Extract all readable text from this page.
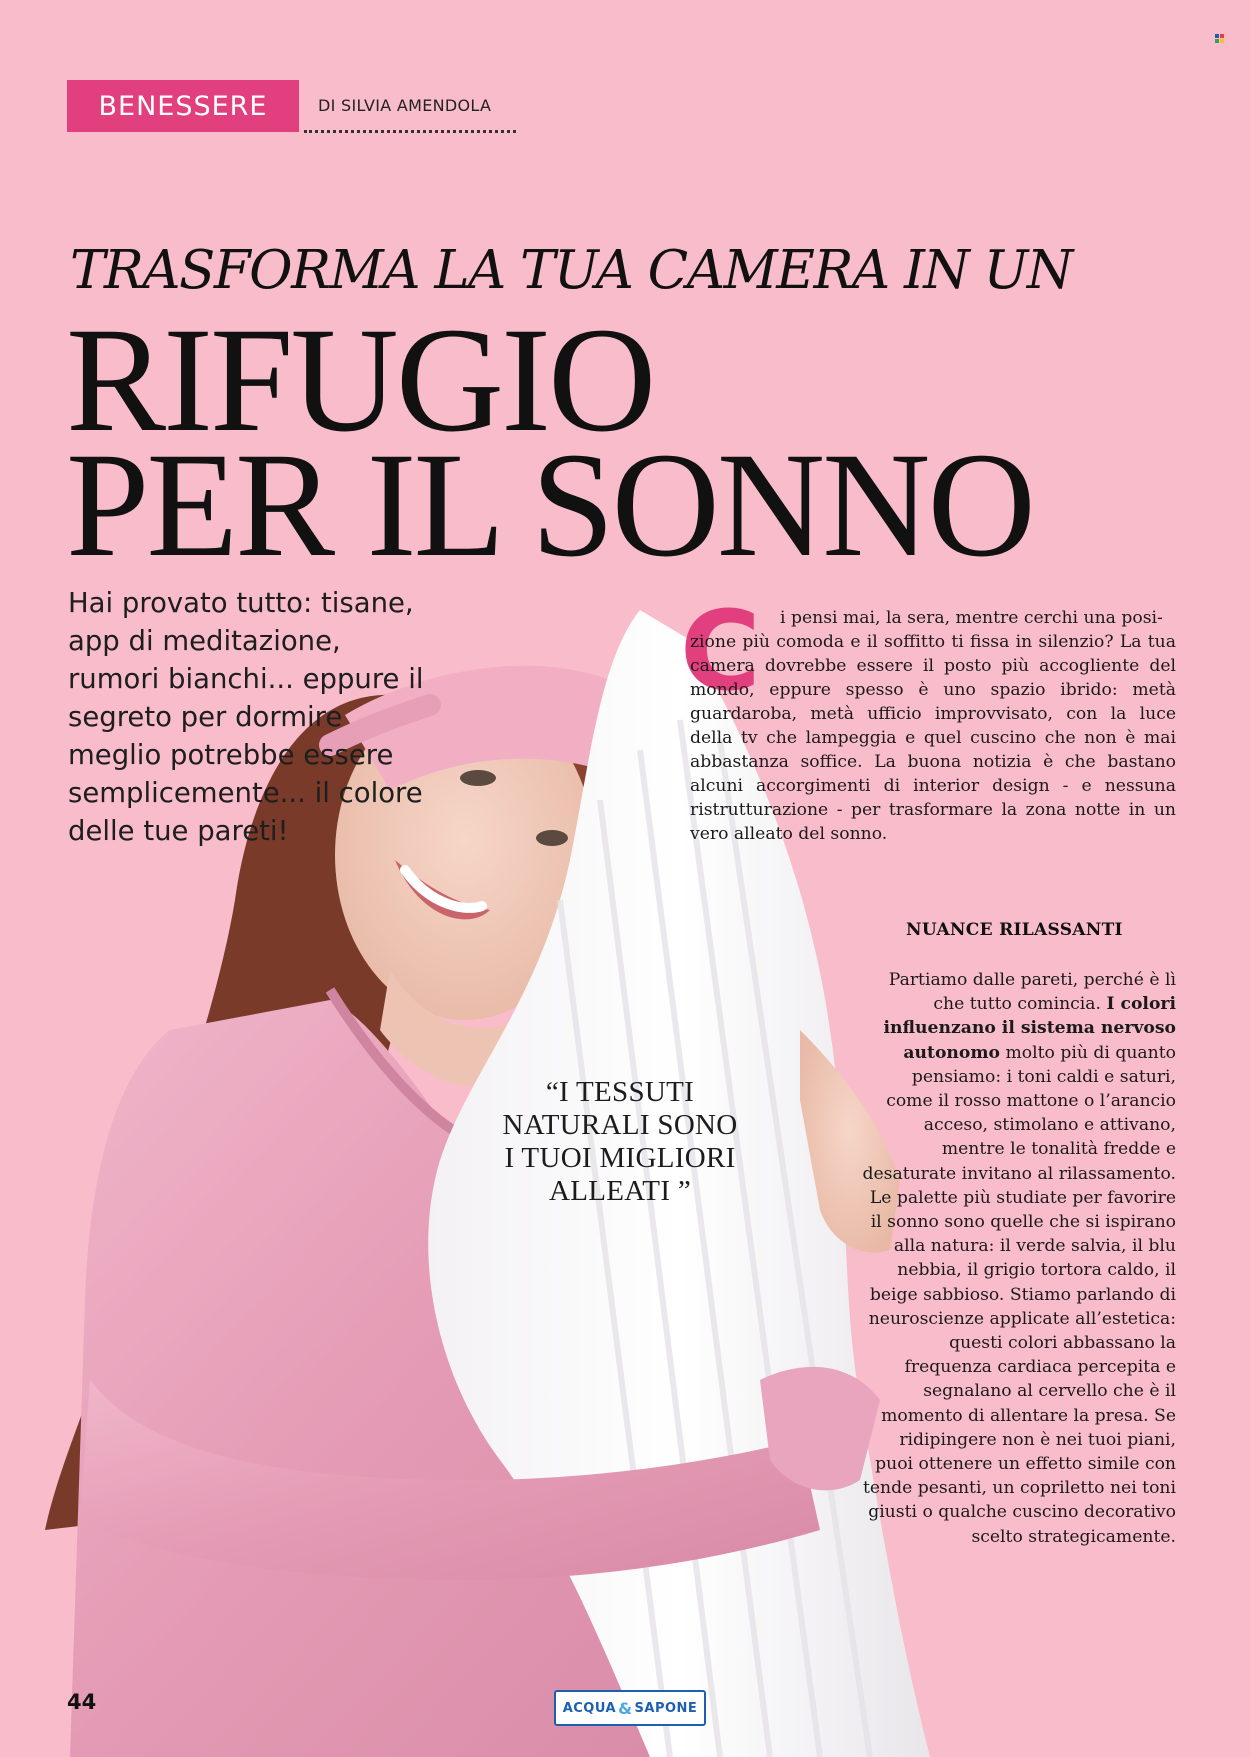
BENESSERE	DI SILVIA AMENDOLA
TRASFORMA LA TUA CAMERA IN UN
RIFUGIO
PER IL SONNO
Hai provato tutto: tisane, app di meditazione, rumori bianchi... eppure il segreto per dormire meglio potrebbe essere semplicemente... il colore delle tue pareti!
C	i pensi mai, la sera, mentre cerchi una posi-
zione più comoda e il soffitto ti fissa in silenzio? La tua camera dovrebbe essere il posto più accogliente del mondo, eppure spesso è uno spazio ibrido: metà guardaroba, metà ufficio improvvisato, con la luce della tv che lampeggia e quel cuscino che non è mai abbastanza soffice. La buona notizia è che bastano alcuni accorgimenti di interior design - e nessuna ristrutturazione - per trasformare la zona notte in un vero alleato del sonno.
NUANCE RILASSANTI
Partiamo dalle pareti, perché è lì che tutto comincia. I colori influenzano il sistema nervoso autonomo molto più di quanto pensiamo: i toni caldi e saturi, come il rosso mattone o l’arancio acceso, stimolano e attivano, mentre le tonalità fredde e desaturate invitano al rilassamento. Le palette più studiate per favorire il sonno sono quelle che si ispirano alla natura: il verde salvia, il blu nebbia, il grigio tortora caldo, il beige sabbioso. Stiamo parlando di neuroscienze applicate all’estetica: questi colori abbassano la frequenza cardiaca percepita e segnalano al cervello che è il momento di allentare la presa. Se ridipingere non è nei tuoi piani, puoi ottenere un effetto simile con tende pesanti, un copriletto nei toni giusti o qualche cuscino decorativo scelto strategicamente.
“I TESSUTI
NATURALI SONO
I TUOI MIGLIORI
ALLEATI ”
44	ACQUA & SAPONE
